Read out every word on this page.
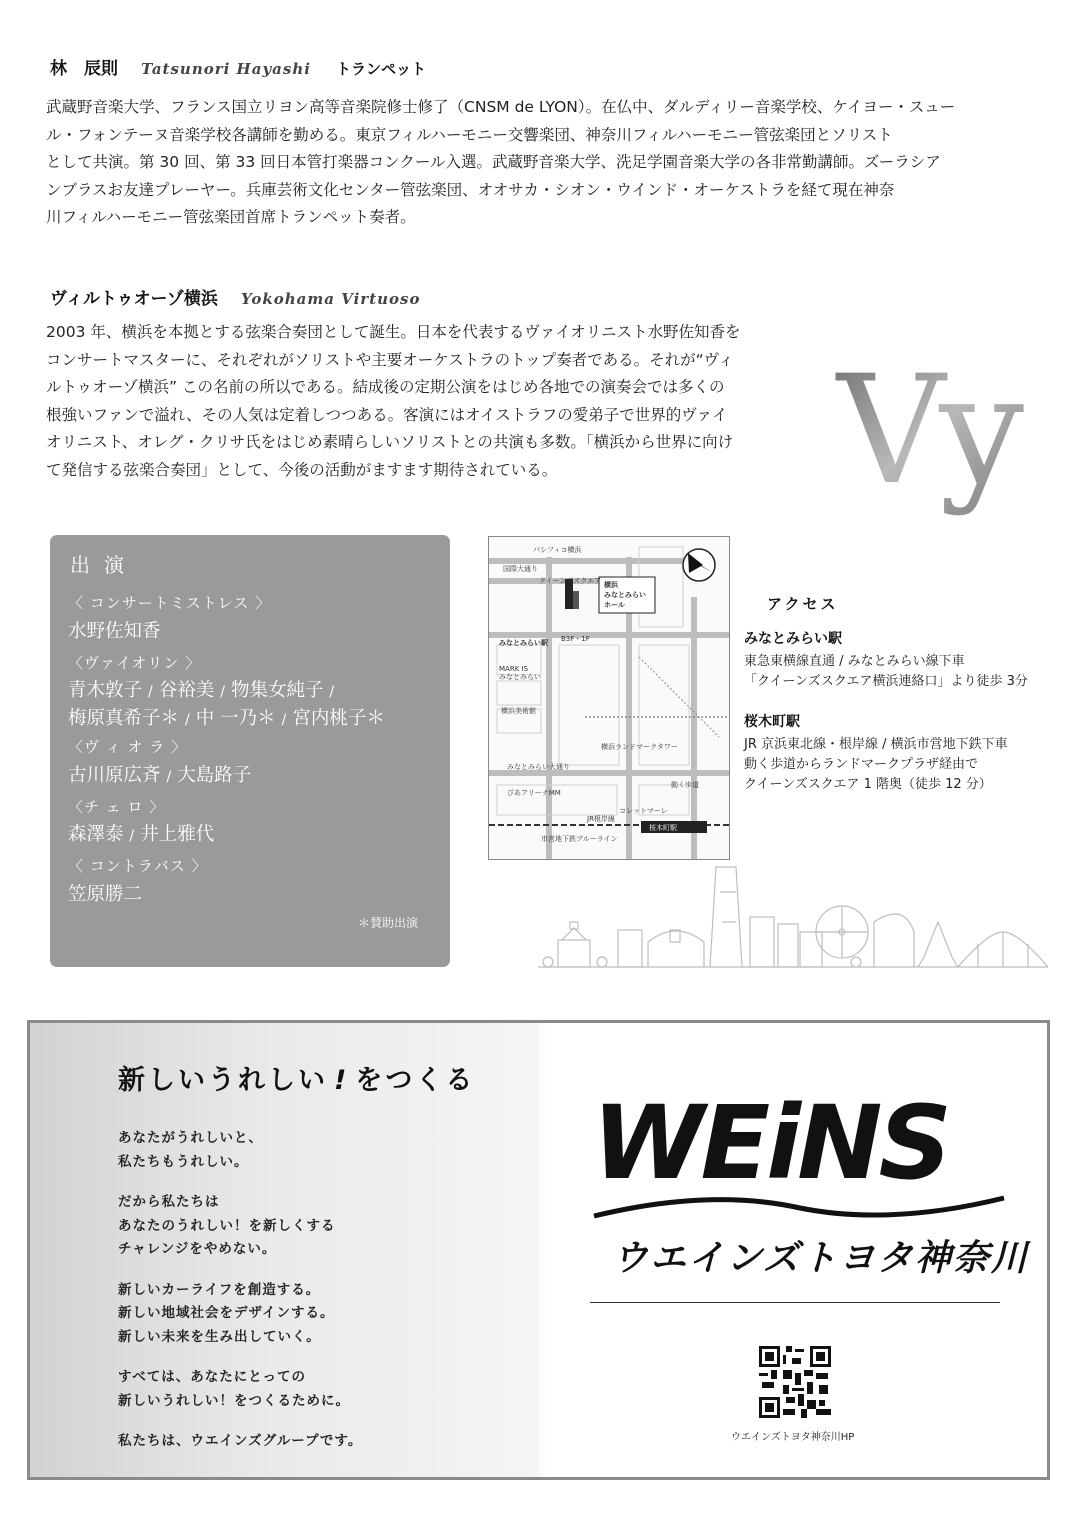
林　辰則 Tatsunori Hayashi トランペット

武蔵野音楽大学、フランス国立リヨン高等音楽院修士修了（CNSM de LYON）。在仏中、ダルディリー音楽学校、ケイヨー・スュー

ル・フォンテーヌ音楽学校各講師を勤める。東京フィルハーモニー交響楽団、神奈川フィルハーモニー管弦楽団とソリスト

として共演。第 30 回、第 33 回日本管打楽器コンクール入選。武蔵野音楽大学、洗足学園音楽大学の各非常勤講師。ズーラシア

ンブラスお友達プレーヤー。兵庫芸術文化センター管弦楽団、オオサカ・シオン・ウインド・オーケストラを経て現在神奈

川フィルハーモニー管弦楽団首席トランペット奏者。

ヴィルトゥオーゾ横浜 Yokohama Virtuoso

2003 年、横浜を本拠とする弦楽合奏団として誕生。日本を代表するヴァイオリニスト水野佐知香を

コンサートマスターに、それぞれがソリストや主要オーケストラのトップ奏者である。それが“ヴィ

ルトゥオーゾ横浜” この名前の所以である。結成後の定期公演をはじめ各地での演奏会では多くの

根強いファンで溢れ、その人気は定着しつつある。客演にはオイストラフの愛弟子で世界的ヴァイ

オリニスト、オレグ・クリサ氏をはじめ素晴らしいソリストとの共演も多数。「横浜から世界に向け

て発信する弦楽合奏団」として、今後の活動がますます期待されている。	Vy
出演
〈 コンサートミストレス 〉
水野佐知香
〈ヴァイオリン 〉
青木敦子 / 谷裕美 / 物集女純子 /
梅原真希子＊ / 中 一乃＊ / 宮内桃子＊
〈ヴ ィ オ ラ 〉
古川原広斉 / 大島路子
〈チ ェ ロ 〉
森澤泰 / 井上雅代
〈 コントラバス 〉
笠原勝二
＊賛助出演
横浜
みなとみらい
ホール
桜木町駅
パシフィコ横浜
国際大通り
クイーンズスクエア
みなとみらい駅 B3F・1F
MARK IS
みなとみらい
横浜美術館
横浜ランドマークタワー
みなとみらい大通り
ぴあアリーナMM
コレットマーレ
JR根岸線
市営地下鉄ブルーライン
動く歩道
アクセス
みなとみらい駅
東急東横線直通 / みなとみらい線下車
「クイーンズスクエア横浜連絡口」より徒歩 3分
桜木町駅
JR 京浜東北線・根岸線 / 横浜市営地下鉄下車
動く歩道からランドマークプラザ経由で
クイーンズスクエア 1 階奥（徒歩 12 分）
新しいうれしい ! をつくる

あなたがうれしいと、

私たちもうれしい。

だから私たちは

あなたのうれしい！を新しくする

チャレンジをやめない。

新しいカーライフを創造する。

新しい地域社会をデザインする。

新しい未来を生み出していく。

すべては、あなたにとっての

新しいうれしい！をつくるために。

私たちは、ウエインズグループです。

WEiNS
ウエインズトヨタ神奈川
ウエインズトヨタ神奈川HP
